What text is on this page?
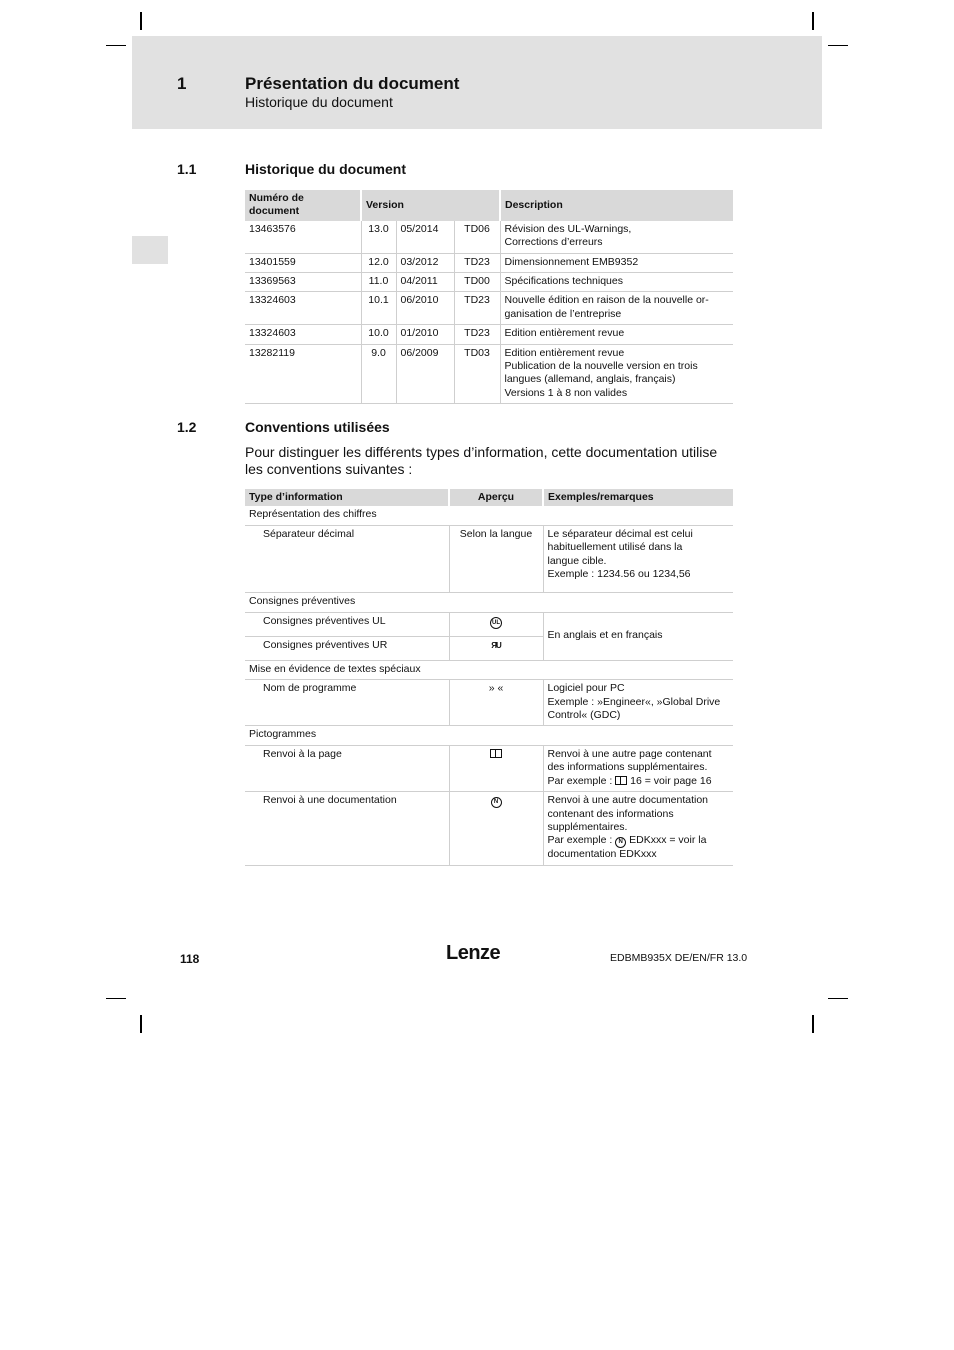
1	Présentation du document
Historique du document
1.1	Historique du document
Numéro de document	Version			Description
13463576	13.0	05/2014	TD06	Révision des UL-Warnings,
Corrections d’erreurs

13401559	12.0	03/2012	TD23	Dimensionnement EMB9352

13369563	11.0	04/2011	TD00	Spécifications techniques

13324603	10.1	06/2010	TD23	Nouvelle édition en raison de la nouvelle or-
ganisation de l’entreprise

13324603	10.0	01/2010	TD23	Edition entièrement revue

13282119	9.0	06/2009	TD03	Edition entièrement revue
Publication de la nouvelle version en trois
langues (allemand, anglais, français)
Versions 1 à 8 non valides
1.2	Conventions utilisées
Pour distinguer les différents types d’information, cette documentation utilise les conventions suivantes :
Type d’information	Aperçu	Exemples/remarques
Représentation des chiffres		
Séparateur décimal	Selon la langue	Le séparateur décimal est celui
habituellement utilisé dans la
langue cible.
Exemple : 1234.56 ou 1234,56

Consignes préventives		
Consignes préventives UL	UL	En anglais et en français
Consignes préventives UR	ЯU	
Mise en évidence de textes spéciaux		
Nom de programme	» «	Logiciel pour PC
Exemple : »Engineer«, »Global Drive
Control« (GDC)

Pictogrammes		
Renvoi à la page		Renvoi à une autre page contenant
des informations supplémentaires.
Par exemple : 16 = voir page 16

Renvoi à une documentation	N	Renvoi à une autre documentation
contenant des informations
supplémentaires.
Par exemple : N EDKxxx = voir la
documentation EDKxxx
118	Lenze	EDBMB935X DE/EN/FR 13.0
